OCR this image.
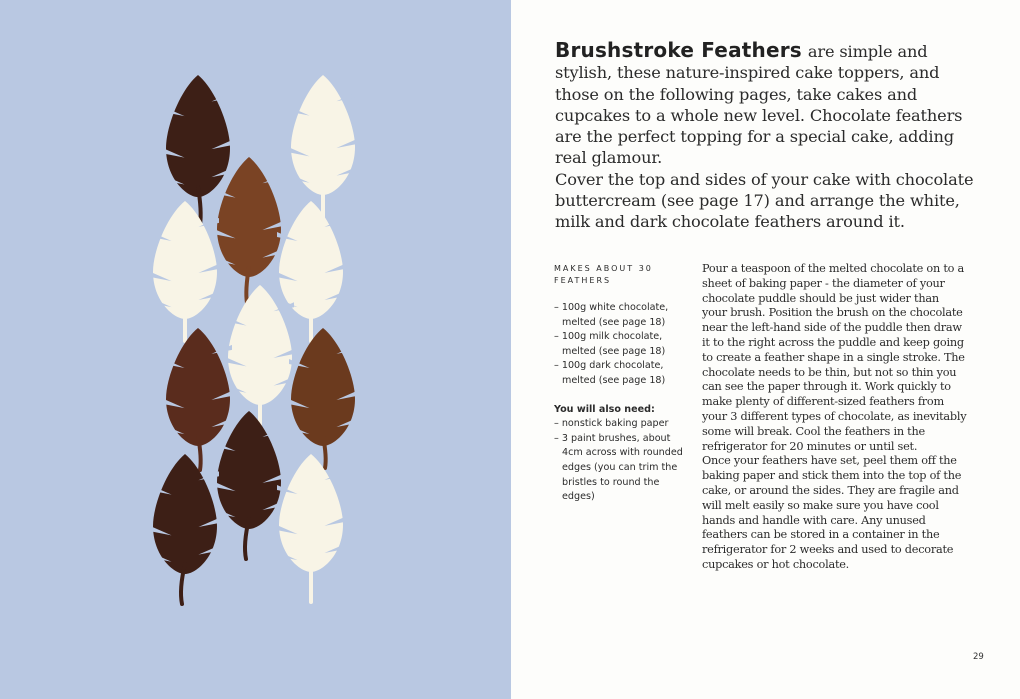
Brushstroke Feathers are simple and stylish, these nature-inspired cake toppers, and those on the following pages, take cakes and cupcakes to a whole new level. Chocolate feathers are the perfect topping for a special cake, adding real glamour.

Cover the top and sides of your cake with chocolate buttercream (see page 17) and arrange the white, milk and dark chocolate feathers around it.

MAKES ABOUT 30 FEATHERS

– 100g white chocolate, melted (see page 18)
– 100g milk chocolate, melted (see page 18)
– 100g dark chocolate, melted (see page 18)

You will also need:

– nonstick baking paper
– 3 paint brushes, about 4cm across with rounded edges (you can trim the bristles to round the edges)

Pour a teaspoon of the melted chocolate on to a sheet of baking paper - the diameter of your chocolate puddle should be just wider than your brush. Position the brush on the chocolate near the left-hand side of the puddle then draw it to the right across the puddle and keep going to create a feather shape in a single stroke. The chocolate needs to be thin, but not so thin you can see the paper through it. Work quickly to make plenty of different-sized feathers from your 3 different types of chocolate, as inevitably some will break. Cool the feathers in the refrigerator for 20 minutes or until set.

Once your feathers have set, peel them off the baking paper and stick them into the top of the cake, or around the sides. They are fragile and will melt easily so make sure you have cool hands and handle with care. Any unused feathers can be stored in a container in the refrigerator for 2 weeks and used to decorate cupcakes or hot chocolate.

29
